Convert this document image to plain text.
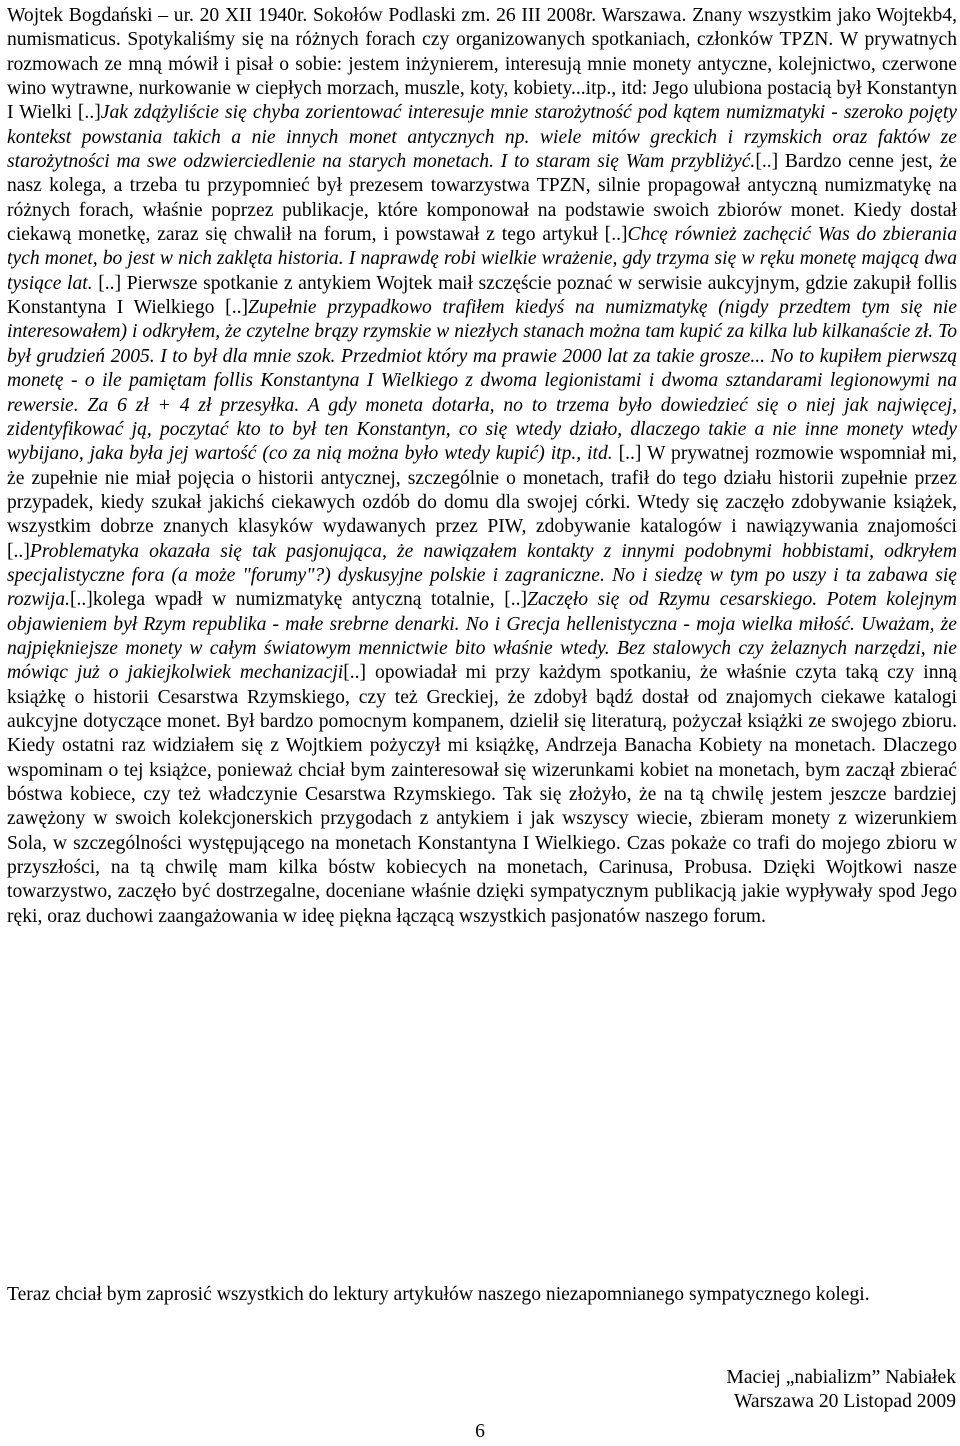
Wojtek Bogdański – ur. 20 XII 1940r. Sokołów Podlaski zm. 26 III 2008r. Warszawa. Znany wszystkim jako Wojtekb4, numismaticus. Spotykaliśmy się na różnych forach czy organizowanych spotkaniach, członków TPZN. W prywatnych rozmowach ze mną mówił i pisał o sobie: jestem inżynierem, interesują mnie monety antyczne, kolejnictwo, czerwone wino wytrawne, nurkowanie w ciepłych morzach, muszle, koty, kobiety...itp., itd: Jego ulubiona postacią był Konstantyn I Wielki [..]Jak zdążyliście się chyba zorientować interesuje mnie starożytność pod kątem numizmatyki - szeroko pojęty kontekst powstania takich a nie innych monet antycznych np. wiele mitów greckich i rzymskich oraz faktów ze starożytności ma swe odzwierciedlenie na starych monetach. I to staram się Wam przybliżyć.[..] Bardzo cenne jest, że nasz kolega, a trzeba tu przypomnieć był prezesem towarzystwa TPZN, silnie propagował antyczną numizmatykę na różnych forach, właśnie poprzez publikacje, które komponował na podstawie swoich zbiorów monet. Kiedy dostał ciekawą monetkę, zaraz się chwalił na forum, i powstawał z tego artykuł [..]Chcę również zachęcić Was do zbierania tych monet, bo jest w nich zaklęta historia. I naprawdę robi wielkie wrażenie, gdy trzyma się w ręku monetę mającą dwa tysiące lat. [..] Pierwsze spotkanie z antykiem Wojtek maił szczęście poznać w serwisie aukcyjnym, gdzie zakupił follis Konstantyna I Wielkiego [..]Zupełnie przypadkowo trafiłem kiedyś na numizmatykę (nigdy przedtem tym się nie interesowałem) i odkryłem, że czytelne brązy rzymskie w niezłych stanach można tam kupić za kilka lub kilkanaście zł. To był grudzień 2005. I to był dla mnie szok. Przedmiot który ma prawie 2000 lat za takie grosze... No to kupiłem pierwszą monetę - o ile pamiętam follis Konstantyna I Wielkiego z dwoma legionistami i dwoma sztandarami legionowymi na rewersie. Za 6 zł + 4 zł przesyłka. A gdy moneta dotarła, no to trzema było dowiedzieć się o niej jak najwięcej, zidentyfikować ją, poczytać kto to był ten Konstantyn, co się wtedy działo, dlaczego takie a nie inne monety wtedy wybijano, jaka była jej wartość (co za nią można było wtedy kupić) itp., itd. [..] W prywatnej rozmowie wspomniał mi, że zupełnie nie miał pojęcia o historii antycznej, szczególnie o monetach, trafił do tego działu historii zupełnie przez przypadek, kiedy szukał jakichś ciekawych ozdób do domu dla swojej córki. Wtedy się zaczęło zdobywanie książek, wszystkim dobrze znanych klasyków wydawanych przez PIW, zdobywanie katalogów i nawiązywania znajomości [..]Problematyka okazała się tak pasjonująca, że nawiązałem kontakty z innymi podobnymi hobbistami, odkryłem specjalistyczne fora (a może "forumy"?) dyskusyjne polskie i zagraniczne. No i siedzę w tym po uszy i ta zabawa się rozwija.[..]kolega wpadł w numizmatykę antyczną totalnie, [..]Zaczęło się od Rzymu cesarskiego. Potem kolejnym objawieniem był Rzym republika - małe srebrne denarki. No i Grecja hellenistyczna - moja wielka miłość. Uważam, że najpiękniejsze monety w całym światowym mennictwie bito właśnie wtedy. Bez stalowych czy żelaznych narzędzi, nie mówiąc już o jakiejkolwiek mechanizacji[..] opowiadał mi przy każdym spotkaniu, że właśnie czyta taką czy inną książkę o historii Cesarstwa Rzymskiego, czy też Greckiej, że zdobył bądź dostał od znajomych ciekawe katalogi aukcyjne dotyczące monet. Był bardzo pomocnym kompanem, dzielił się literaturą, pożyczał książki ze swojego zbioru. Kiedy ostatni raz widziałem się z Wojtkiem pożyczył mi książkę, Andrzeja Banacha Kobiety na monetach. Dlaczego wspominam o tej książce, ponieważ chciał bym zainteresował się wizerunkami kobiet na monetach, bym zaczął zbierać bóstwa kobiece, czy też władczynie Cesarstwa Rzymskiego. Tak się złożyło, że na tą chwilę jestem jeszcze bardziej zawężony w swoich kolekcjonerskich przygodach z antykiem i jak wszyscy wiecie, zbieram monety z wizerunkiem Sola, w szczególności występującego na monetach Konstantyna I Wielkiego. Czas pokaże co trafi do mojego zbioru w przyszłości, na tą chwilę mam kilka bóstw kobiecych na monetach, Carinusa, Probusa. Dzięki Wojtkowi nasze towarzystwo, zaczęło być dostrzegalne, doceniane właśnie dzięki sympatycznym publikacją jakie wypływały spod Jego ręki, oraz duchowi zaangażowania w ideę piękna łączącą wszystkich pasjonatów naszego forum.
Teraz chciał bym zaprosić wszystkich do lektury artykułów naszego niezapomnianego sympatycznego kolegi.
Maciej „nabializm” Nabiałek
Warszawa 20 Listopad 2009
6
